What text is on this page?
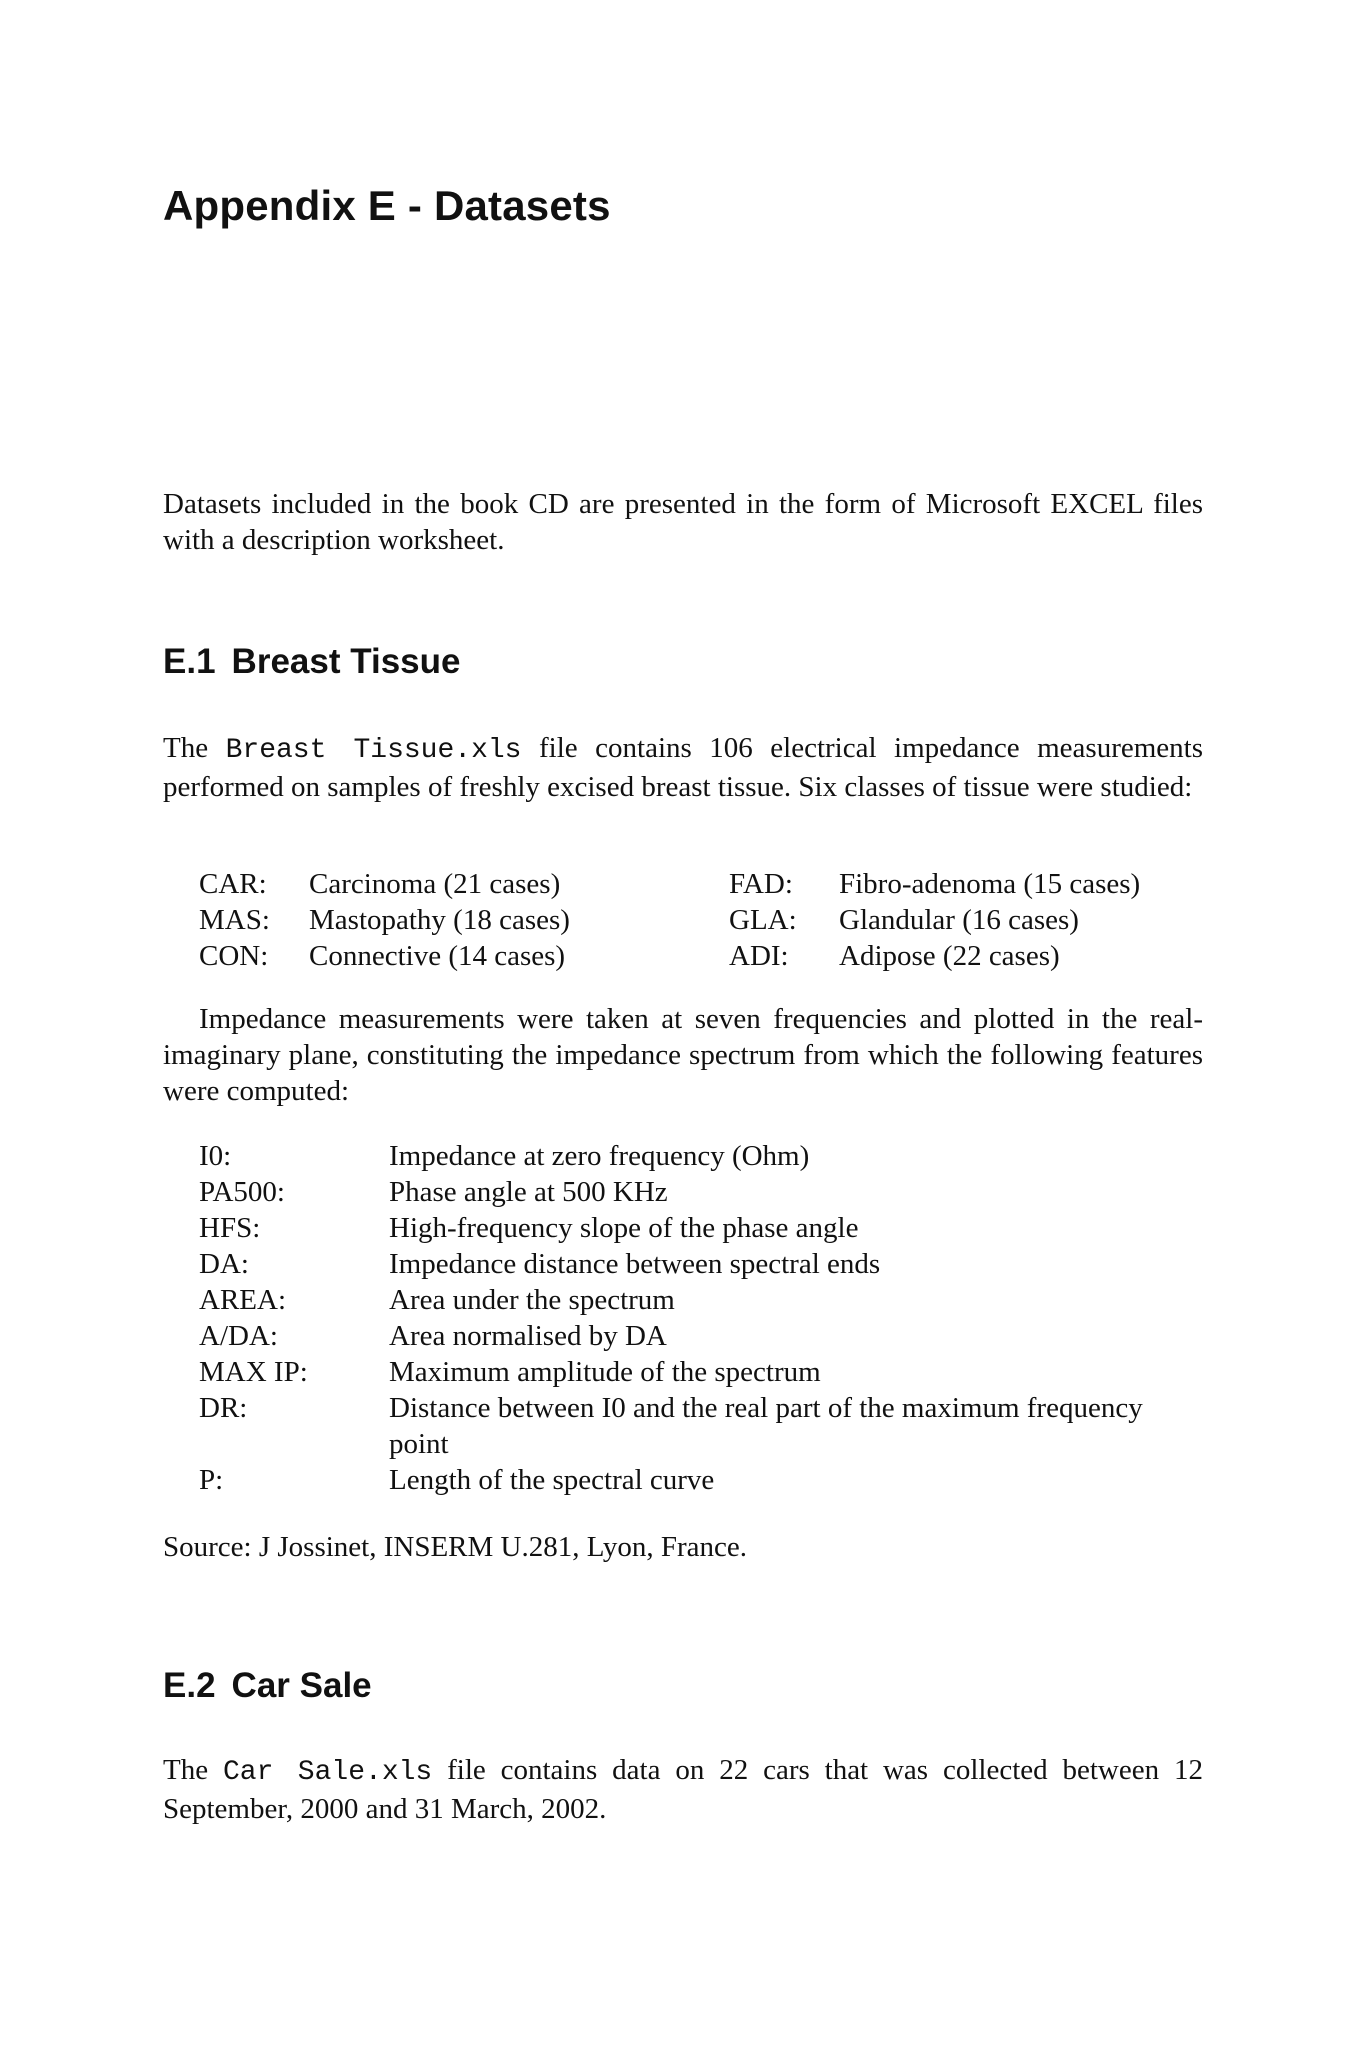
Appendix E - Datasets

Datasets included in the book CD are presented in the form of Microsoft EXCEL files with a description worksheet.

E.1 Breast Tissue

The Breast Tissue.xls file contains 106 electrical impedance measurements performed on samples of freshly excised breast tissue. Six classes of tissue were studied:

CAR:	Carcinoma (21 cases)	FAD:	Fibro-adenoma (15 cases)
MAS:	Mastopathy (18 cases)	GLA:	Glandular (16 cases)
CON:	Connective (14 cases)	ADI:	Adipose (22 cases)

Impedance measurements were taken at seven frequencies and plotted in the real-imaginary plane, constituting the impedance spectrum from which the following features were computed:

I0:	Impedance at zero frequency (Ohm)
PA500:	Phase angle at 500 KHz
HFS:	High-frequency slope of the phase angle
DA:	Impedance distance between spectral ends
AREA:	Area under the spectrum
A/DA:	Area normalised by DA
MAX IP:	Maximum amplitude of the spectrum
DR:	Distance between I0 and the real part of the maximum frequency point
P:	Length of the spectral curve

Source: J Jossinet, INSERM U.281, Lyon, France.

E.2 Car Sale

The Car Sale.xls file contains data on 22 cars that was collected between 12 September, 2000 and 31 March, 2002.
